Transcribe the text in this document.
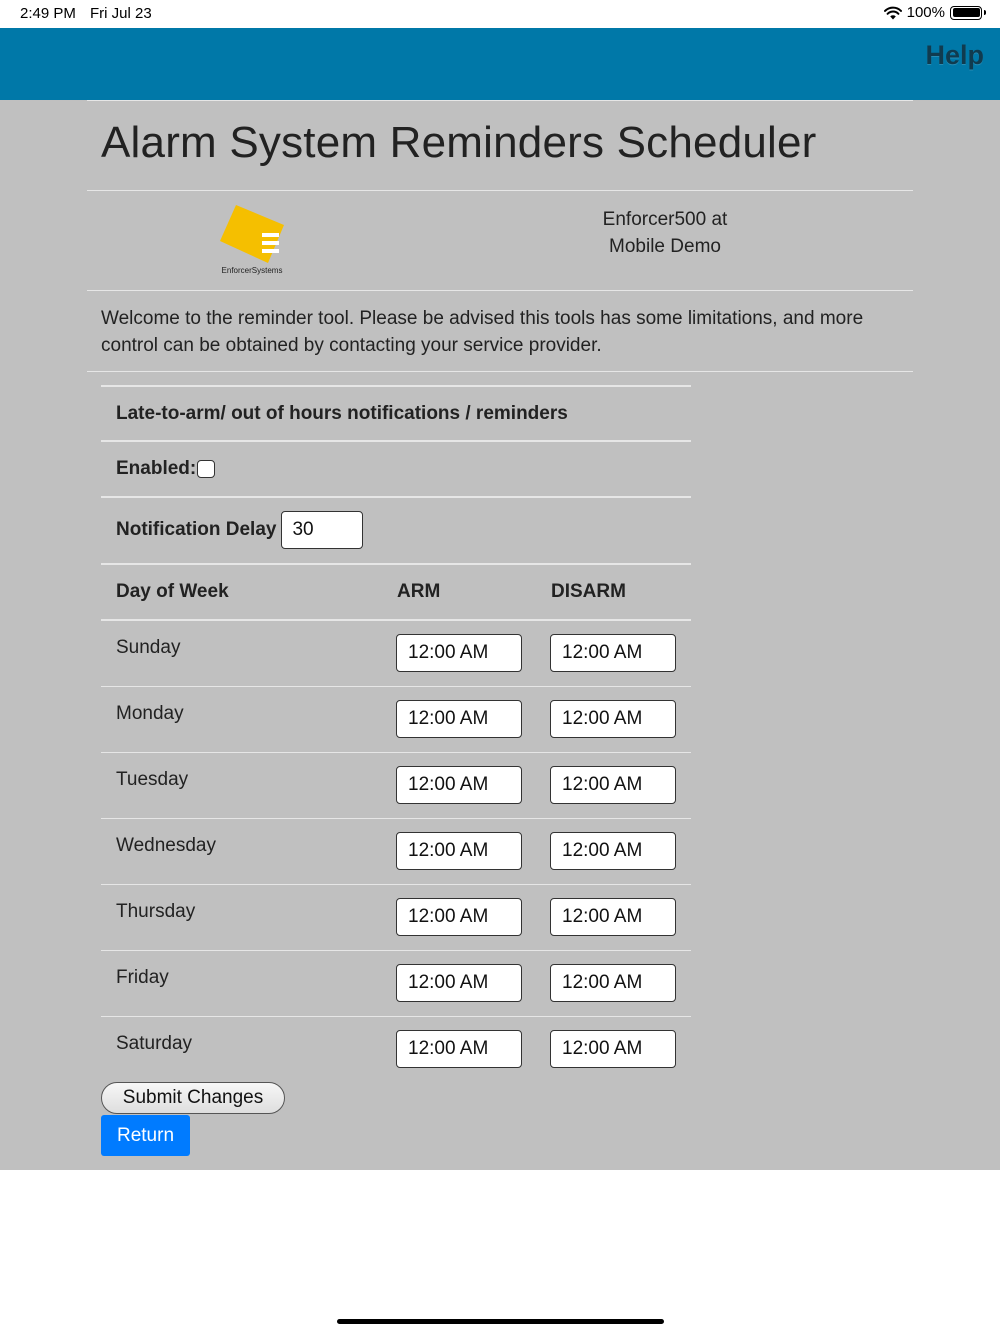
2:49 PM Fri Jul 23	100%
Help
Alarm System Reminders Scheduler
EnforcerSystems
Enforcer500 at
Mobile Demo

Welcome to the reminder tool. Please be advised this tools has some limitations, and more control can be obtained by contacting your service provider.

Late-to-arm/ out of hours notifications / reminders
Enabled:
Notification Delay 30
Day of Week	ARM	DISARM
Sunday	12:00 AM	12:00 AM
Monday	12:00 AM	12:00 AM
Tuesday	12:00 AM	12:00 AM
Wednesday	12:00 AM	12:00 AM
Thursday	12:00 AM	12:00 AM
Friday	12:00 AM	12:00 AM
Saturday	12:00 AM	12:00 AM
Submit Changes
Return
